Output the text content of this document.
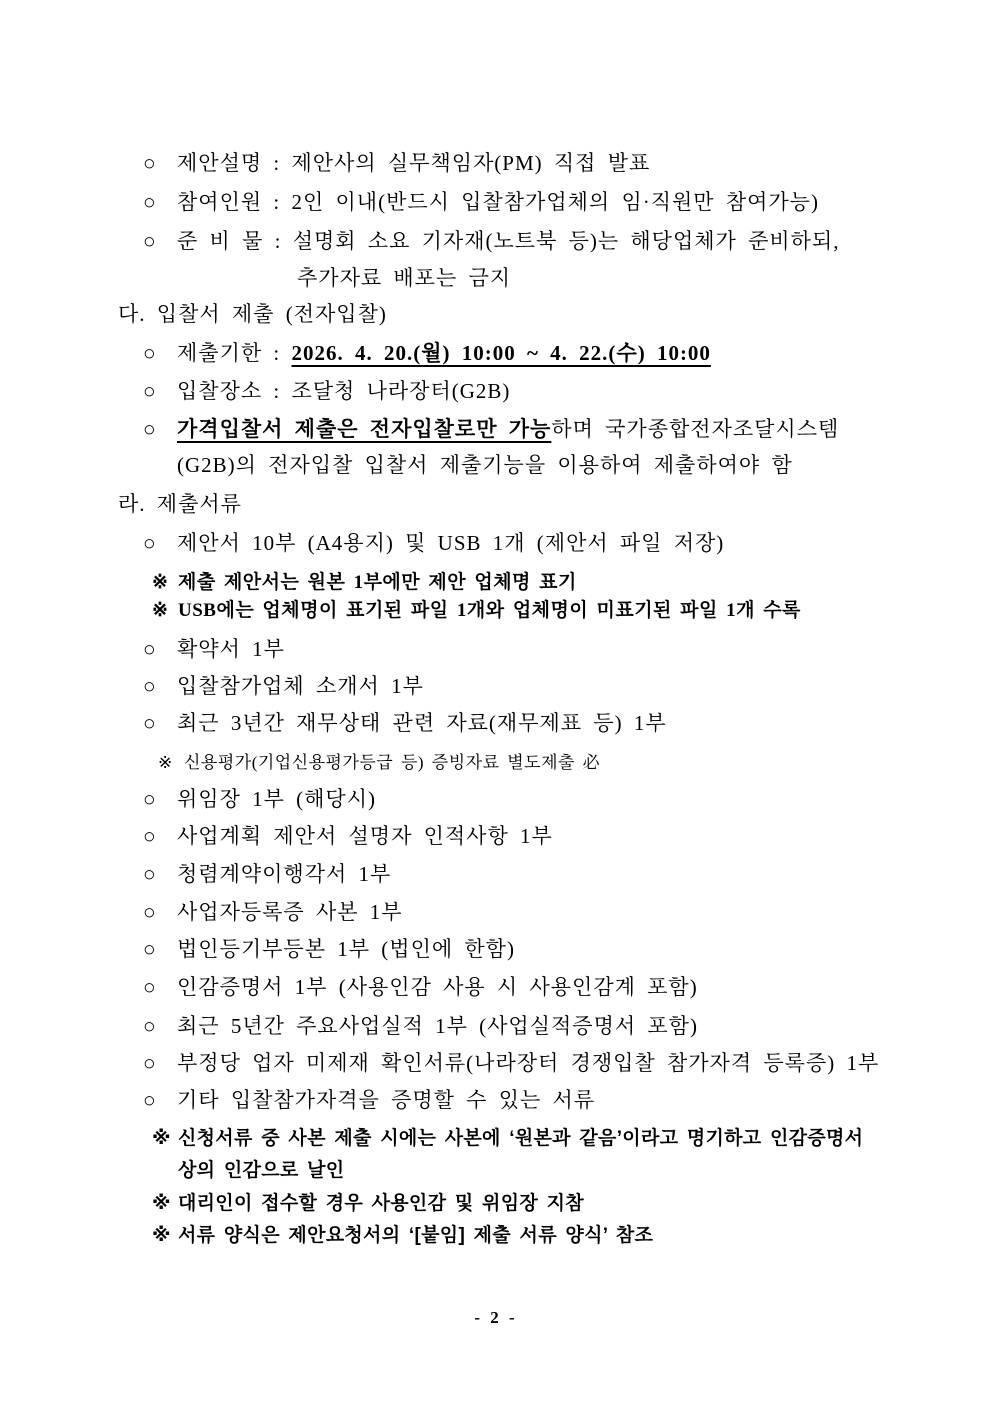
○ 제안설명 : 제안사의 실무책임자(PM) 직접 발표
○ 참여인원 : 2인 이내(반드시 입찰참가업체의 임·직원만 참여가능)
○ 준 비 물 : 설명회 소요 기자재(노트북 등)는 해당업체가 준비하되,
추가자료 배포는 금지
다. 입찰서 제출 (전자입찰)
○ 제출기한 : 2026. 4. 20.(월) 10:00 ~ 4. 22.(수) 10:00
○ 입찰장소 : 조달청 나라장터(G2B)
○ 가격입찰서 제출은 전자입찰로만 가능하며 국가종합전자조달시스템
(G2B)의 전자입찰 입찰서 제출기능을 이용하여 제출하여야 함
라. 제출서류
○ 제안서 10부 (A4용지) 및 USB 1개 (제안서 파일 저장)
※ 제출 제안서는 원본 1부에만 제안 업체명 표기
※ USB에는 업체명이 표기된 파일 1개와 업체명이 미표기된 파일 1개 수록
○ 확약서 1부
○ 입찰참가업체 소개서 1부
○ 최근 3년간 재무상태 관련 자료(재무제표 등) 1부
※ 신용평가(기업신용평가등급 등) 증빙자료 별도제출 必
○ 위임장 1부 (해당시)
○ 사업계획 제안서 설명자 인적사항 1부
○ 청렴계약이행각서 1부
○ 사업자등록증 사본 1부
○ 법인등기부등본 1부 (법인에 한함)
○ 인감증명서 1부 (사용인감 사용 시 사용인감계 포함)
○ 최근 5년간 주요사업실적 1부 (사업실적증명서 포함)
○ 부정당 업자 미제재 확인서류(나라장터 경쟁입찰 참가자격 등록증) 1부
○ 기타 입찰참가자격을 증명할 수 있는 서류
※ 신청서류 중 사본 제출 시에는 사본에 ‘원본과 같음’이라고 명기하고 인감증명서
상의 인감으로 날인
※ 대리인이 접수할 경우 사용인감 및 위임장 지참
※ 서류 양식은 제안요청서의 ‘[붙임] 제출 서류 양식’ 참조
- 2 -
